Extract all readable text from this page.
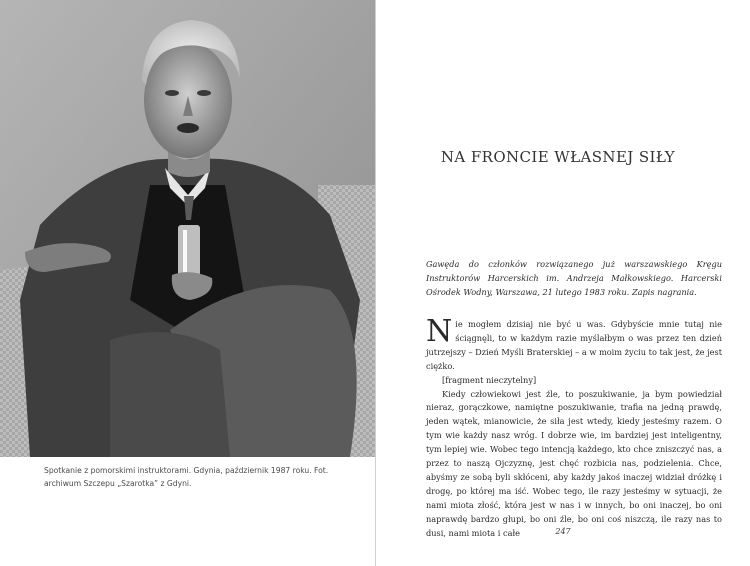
Spotkanie z pomorskimi instruktorami. Gdynia, październik 1987 roku. Fot. archiwum Szczepu „Szarotka” z Gdyni.

NA FRONCIE WŁASNEJ SIŁY

Gawęda do członków rozwiązanego już warszawskiego Kręgu Instruktorów Harcerskich im. Andrzeja Małkowskiego. Harcerski Ośrodek Wodny, Warszawa, 21 lutego 1983 roku. Zapis nagrania.

Nie mogłem dzisiaj nie być u was. Gdybyście mnie tutaj nie ściągnęli, to w każdym razie myślałbym o was przez ten dzień jutrzejszy – Dzień Myśli Braterskiej – a w moim życiu to tak jest, że jest ciężko.

[fragment nieczytelny]

Kiedy człowiekowi jest źle, to poszukiwanie, ja bym powiedział nieraz, gorączkowe, namiętne poszukiwanie, trafia na jedną prawdę, jeden wątek, mianowicie, że siła jest wtedy, kiedy jesteśmy razem. O tym wie każdy nasz wróg. I dobrze wie, im bardziej jest inteligentny, tym lepiej wie. Wobec tego intencją każdego, kto chce zniszczyć nas, a przez to naszą Ojczyznę, jest chęć rozbicia nas, podzielenia. Chce, abyśmy ze sobą byli skłóceni, aby każdy jakoś inaczej widział dróżkę i drogę, po której ma iść. Wobec tego, ile razy jesteśmy w sytuacji, że nami miota złość, która jest w nas i w innych, bo oni inaczej, bo oni naprawdę bardzo głupi, bo oni źle, bo oni coś niszczą, ile razy nas to dusi, nami miota i całe	247
